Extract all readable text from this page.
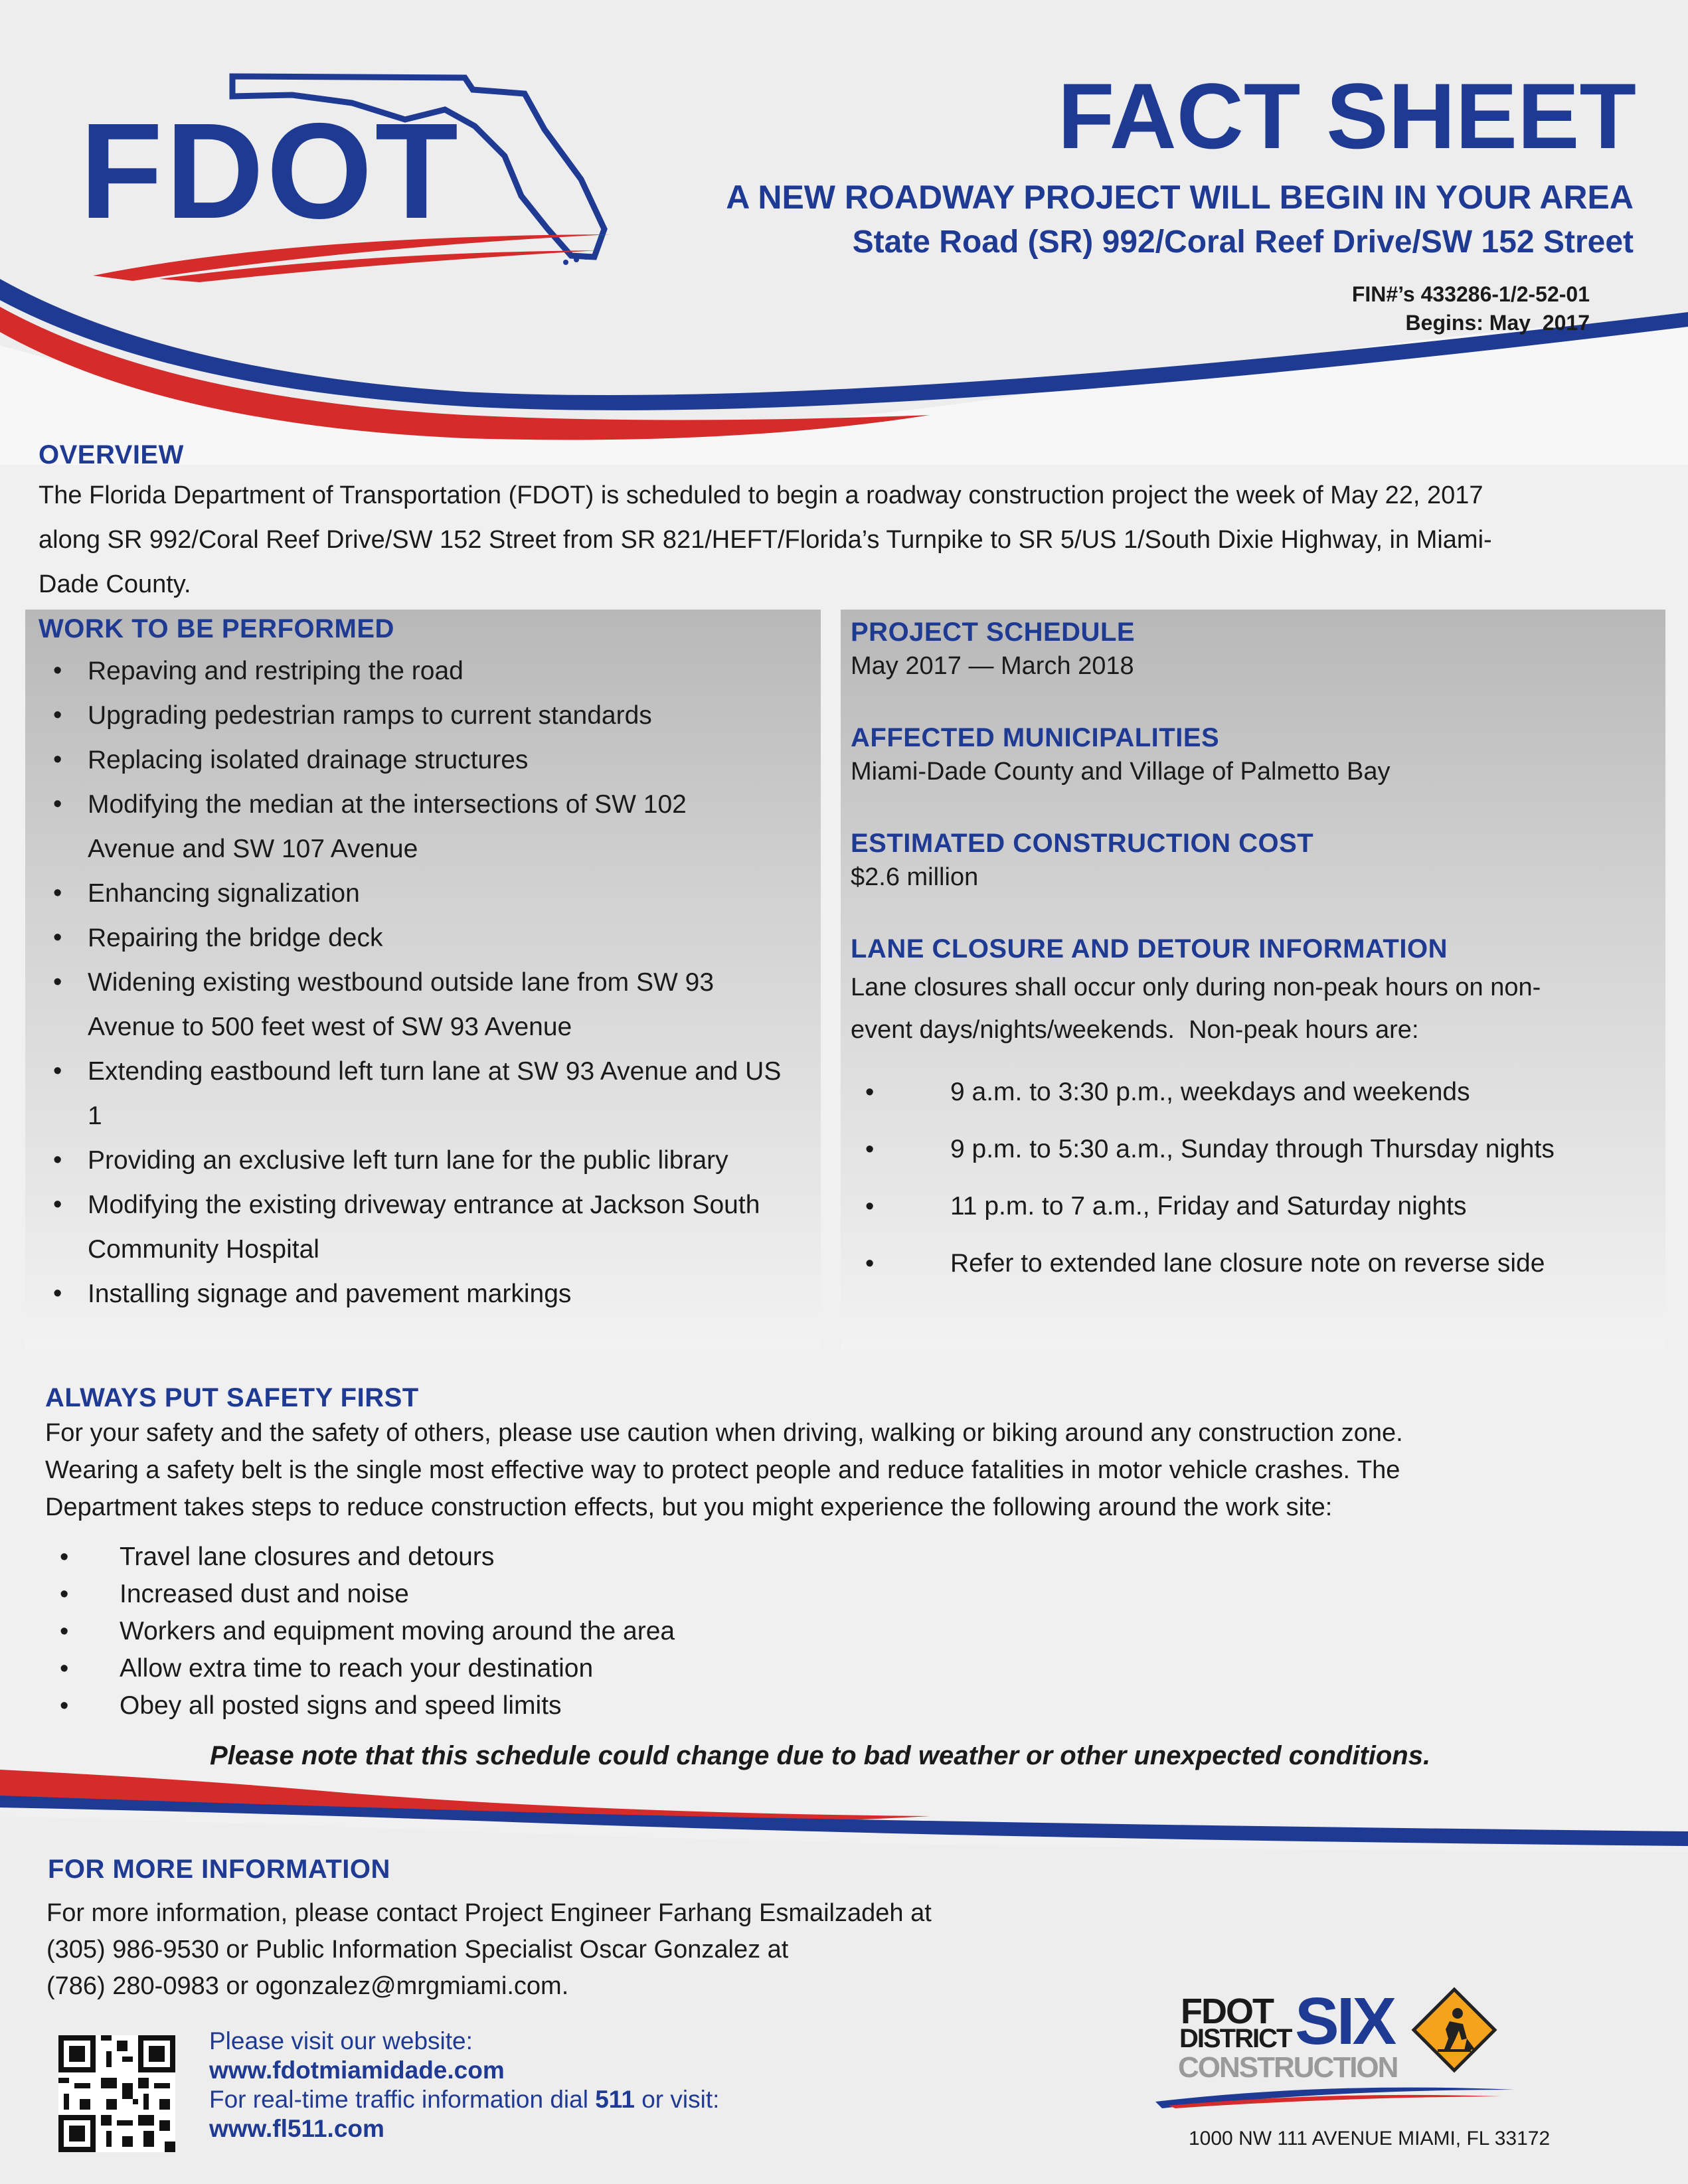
FDOT	FACT SHEET
A NEW ROADWAY PROJECT WILL BEGIN IN YOUR AREA
State Road (SR) 992/Coral Reef Drive/SW 152 Street
FIN#’s 433286-1/2-52-01
Begins: May  2017
OVERVIEW
The Florida Department of Transportation (FDOT) is scheduled to begin a roadway construction project the week of May 22, 2017
along SR 992/Coral Reef Drive/SW 152 Street from SR 821/HEFT/Florida’s Turnpike to SR 5/US 1/South Dixie Highway, in Miami-
Dade County.
WORK TO BE PERFORMED
• Repaving and restriping the road
• Upgrading pedestrian ramps to current standards
• Replacing isolated drainage structures
• Modifying the median at the intersections of SW 102 Avenue and SW 107 Avenue
• Enhancing signalization
• Repairing the bridge deck
• Widening existing westbound outside lane from SW 93 Avenue to 500 feet west of SW 93 Avenue
• Extending eastbound left turn lane at SW 93 Avenue and US 1
• Providing an exclusive left turn lane for the public library
• Modifying the existing driveway entrance at Jackson South Community Hospital
• Installing signage and pavement markings
PROJECT SCHEDULE
May 2017 — March 2018
AFFECTED MUNICIPALITIES
Miami-Dade County and Village of Palmetto Bay
ESTIMATED CONSTRUCTION COST
$2.6 million
LANE CLOSURE AND DETOUR INFORMATION
Lane closures shall occur only during non-peak hours on non-
event days/nights/weekends.  Non-peak hours are:
• 9 a.m. to 3:30 p.m., weekdays and weekends
• 9 p.m. to 5:30 a.m., Sunday through Thursday nights
• 11 p.m. to 7 a.m., Friday and Saturday nights
• Refer to extended lane closure note on reverse side
ALWAYS PUT SAFETY FIRST
For your safety and the safety of others, please use caution when driving, walking or biking around any construction zone.
Wearing a safety belt is the single most effective way to protect people and reduce fatalities in motor vehicle crashes. The
Department takes steps to reduce construction effects, but you might experience the following around the work site:
• Travel lane closures and detours
• Increased dust and noise
• Workers and equipment moving around the area
• Allow extra time to reach your destination
• Obey all posted signs and speed limits
Please note that this schedule could change due to bad weather or other unexpected conditions.
FOR MORE INFORMATION
For more information, please contact Project Engineer Farhang Esmailzadeh at
(305) 986-9530 or Public Information Specialist Oscar Gonzalez at
(786) 280-0983 or ogonzalez@mrgmiami.com.
Please visit our website:
www.fdotmiamidade.com
For real-time traffic information dial 511 or visit:
www.fl511.com
FDOT
DISTRICT SIX
CONSTRUCTION
1000 NW 111 AVENUE MIAMI, FL 33172
